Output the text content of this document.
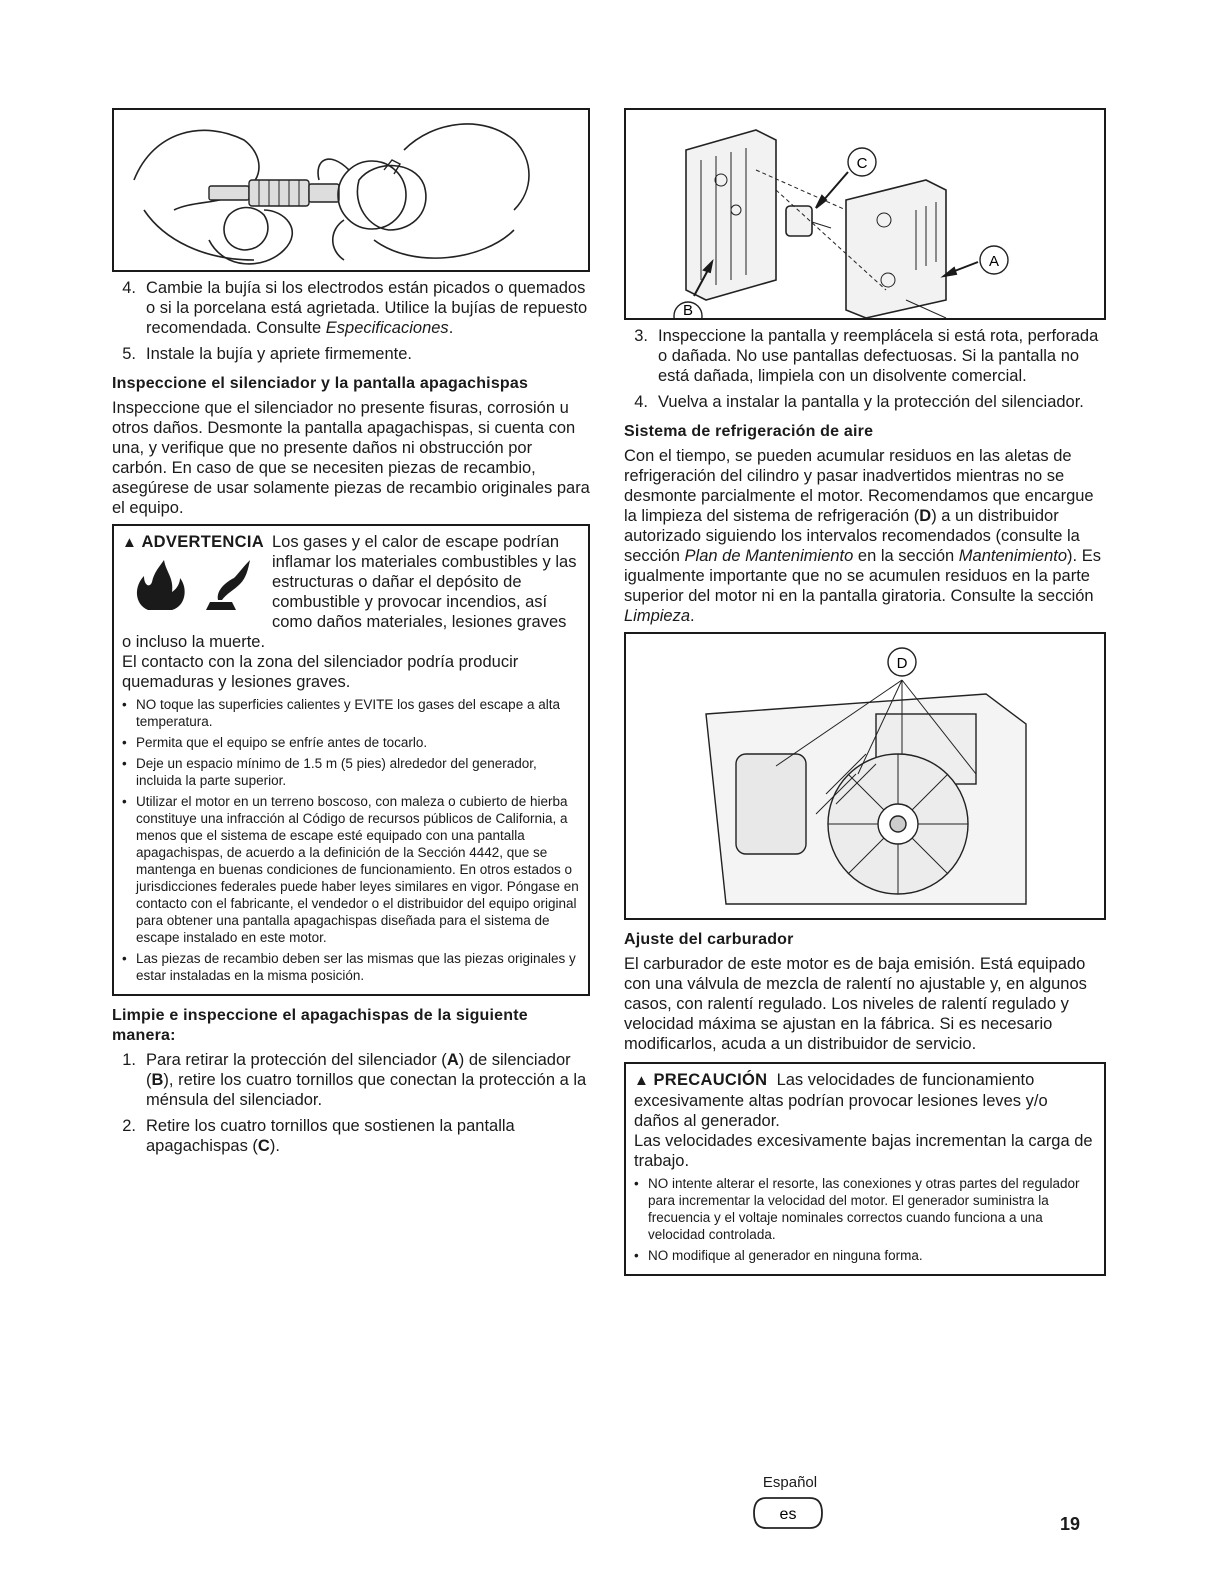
4. Cambie la bujía si los electrodos están picados o quemados o si la porcelana está agrietada. Utilice la bujías de repuesto recomendada. Consulte Especificaciones.
5. Instale la bujía y apriete firmemente.
Inspeccione el silenciador y la pantalla apagachispas

Inspeccione que el silenciador no presente fisuras, corrosión u otros daños. Desmonte la pantalla apagachispas, si cuenta con una, y verifique que no presente daños ni obstrucción por carbón. En caso de que se necesiten piezas de recambio, asegúrese de usar solamente piezas de recambio originales para el equipo.

▲ ADVERTENCIA Los gases y el calor de escape podrían inflamar los materiales combustibles y las estructuras o dañar el depósito de combustible y provocar incendios, así como daños materiales, lesiones graves o incluso la muerte.
El contacto con la zona del silenciador podría producir quemaduras y lesiones graves.
• NO toque las superficies calientes y EVITE los gases del escape a alta temperatura.
• Permita que el equipo se enfríe antes de tocarlo.
• Deje un espacio mínimo de 1.5 m (5 pies) alrededor del generador, incluida la parte superior.
• Utilizar el motor en un terreno boscoso, con maleza o cubierto de hierba constituye una infracción al Código de recursos públicos de California, a menos que el sistema de escape esté equipado con una pantalla apagachispas, de acuerdo a la definición de la Sección 4442, que se mantenga en buenas condiciones de funcionamiento. En otros estados o jurisdicciones federales puede haber leyes similares en vigor. Póngase en contacto con el fabricante, el vendedor o el distribuidor del equipo original para obtener una pantalla apagachispas diseñada para el sistema de escape instalado en este motor.
• Las piezas de recambio deben ser las mismas que las piezas originales y estar instaladas en la misma posición.
Limpie e inspeccione el apagachispas de la siguiente manera:
1. Para retirar la protección del silenciador (A) de silenciador (B), retire los cuatro tornillos que conectan la protección a la ménsula del silenciador.
2. Retire los cuatro tornillos que sostienen la pantalla apagachispas (C).
C
A
B
3. Inspeccione la pantalla y reemplácela si está rota, perforada o dañada. No use pantallas defectuosas. Si la pantalla no está dañada, limpiela con un disolvente comercial.
4. Vuelva a instalar la pantalla y la protección del silenciador.
Sistema de refrigeración de aire

Con el tiempo, se pueden acumular residuos en las aletas de refrigeración del cilindro y pasar inadvertidos mientras no se desmonte parcialmente el motor. Recomendamos que encargue la limpieza del sistema de refrigeración (D) a un distribuidor autorizado siguiendo los intervalos recomendados (consulte la sección Plan de Mantenimiento en la sección Mantenimiento). Es igualmente importante que no se acumulen residuos en la parte superior del motor ni en la pantalla giratoria. Consulte la sección Limpieza.

D
Ajuste del carburador

El carburador de este motor es de baja emisión. Está equipado con una válvula de mezcla de ralentí no ajustable y, en algunos casos, con ralentí regulado. Los niveles de ralentí regulado y velocidad máxima se ajustan en la fábrica. Si es necesario modificarlos, acuda a un distribuidor de servicio.

▲ PRECAUCIÓN Las velocidades de funcionamiento excesivamente altas podrían provocar lesiones leves y/o daños al generador.
Las velocidades excesivamente bajas incrementan la carga de trabajo.
• NO intente alterar el resorte, las conexiones y otras partes del regulador para incrementar la velocidad del motor. El generador suministra la frecuencia y el voltaje nominales correctos cuando funciona a una velocidad controlada.
• NO modifique al generador en ninguna forma.
Español
es	19
